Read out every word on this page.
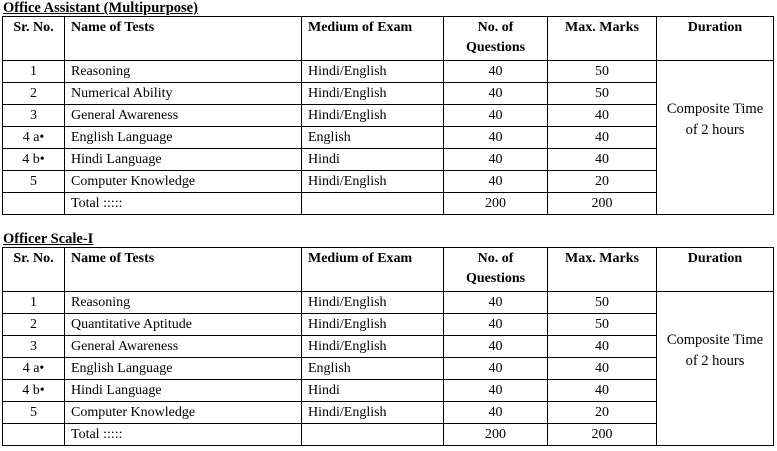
Office Assistant (Multipurpose)
Sr. No.	Name of Tests	Medium of Exam	No. of Questions	Max. Marks	Duration
1	Reasoning	Hindi/English	40	50	Composite Time of 2 hours

2	Numerical Ability	Hindi/English	40	50	
3	General Awareness	Hindi/English	40	40	
4 a•	English Language	English	40	40	
4 b•	Hindi Language	Hindi	40	40	
5	Computer Knowledge	Hindi/English	40	20	
	Total :::::		200	200	
Officer Scale-I
Sr. No.	Name of Tests	Medium of Exam	No. of Questions	Max. Marks	Duration
1	Reasoning	Hindi/English	40	50	Composite Time of 2 hours

2	Quantitative Aptitude	Hindi/English	40	50	
3	General Awareness	Hindi/English	40	40	
4 a•	English Language	English	40	40	
4 b•	Hindi Language	Hindi	40	40	
5	Computer Knowledge	Hindi/English	40	20	
	Total :::::		200	200	
